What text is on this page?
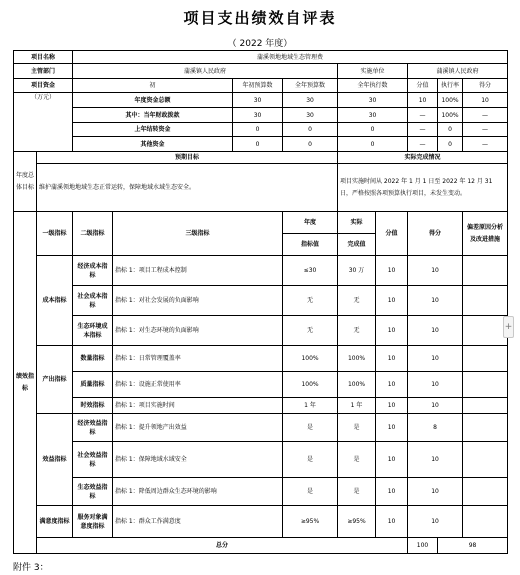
项目支出绩效自评表
（ 2022 年度）
项目名称		蒲溪领地地域生态管理费									
主管部门		蒲溪镇人民政府				实施单位		蒲溪镇人民政府			
项目资金		初		年初预算数	全年预算数	全年执行数		分值	执行率	得分	
（万元）		年度资金总额		30	30	30		10	100%	10	
		其中：当年财政拨款		30	30	30		—	100%	—	
		上年结转资金		0	0	0		—	0	—	
		其他资金		0	0	0		—	0	—	
年度总体目标	预期目标					实际完成情况					
	维护蒲溪领地地域生态正常运转，保障地域水域生态安全。					项目实施时间从 2022 年 1 月 1 日至 2022 年 12 月 31 日，严格按照各项预算执行项目，未发生变动。					
绩效指标	一级指标	二级指标	三级指标		年度	实际	分值	得分		偏差原因分析及改进措施	
					指标值	完成值					
	成本指标	经济成本指标	指标 1：项目工程成本控制		≤30	30 万	10	10			
		社会成本指标	指标 1：对社会发展的负面影响		无	无	10	10			
		生态环境成本指标	指标 1：对生态环境的负面影响		无	无	10	10			
	产出指标	数量指标	指标 1：日常管理覆盖率		100%	100%	10	10			
		质量指标	指标 1：设施正常使用率		100%	100%	10	10			
		时效指标	指标 1：项目实施时间		1 年	1 年	10	10			
	效益指标	经济效益指标	指标 1：提升领地产出效益		是	是	10	8			
		社会效益指标	指标 1：保障地域水域安全		是	是	10	10			
		生态效益指标	指标 1：降低周边群众生态环境的影响		是	是	10	10			
	满意度指标	服务对象满意度指标	指标 1：群众工作满意度		≥95%	≥95%	10	10			
	总分							100	98		
附件 3：
+
